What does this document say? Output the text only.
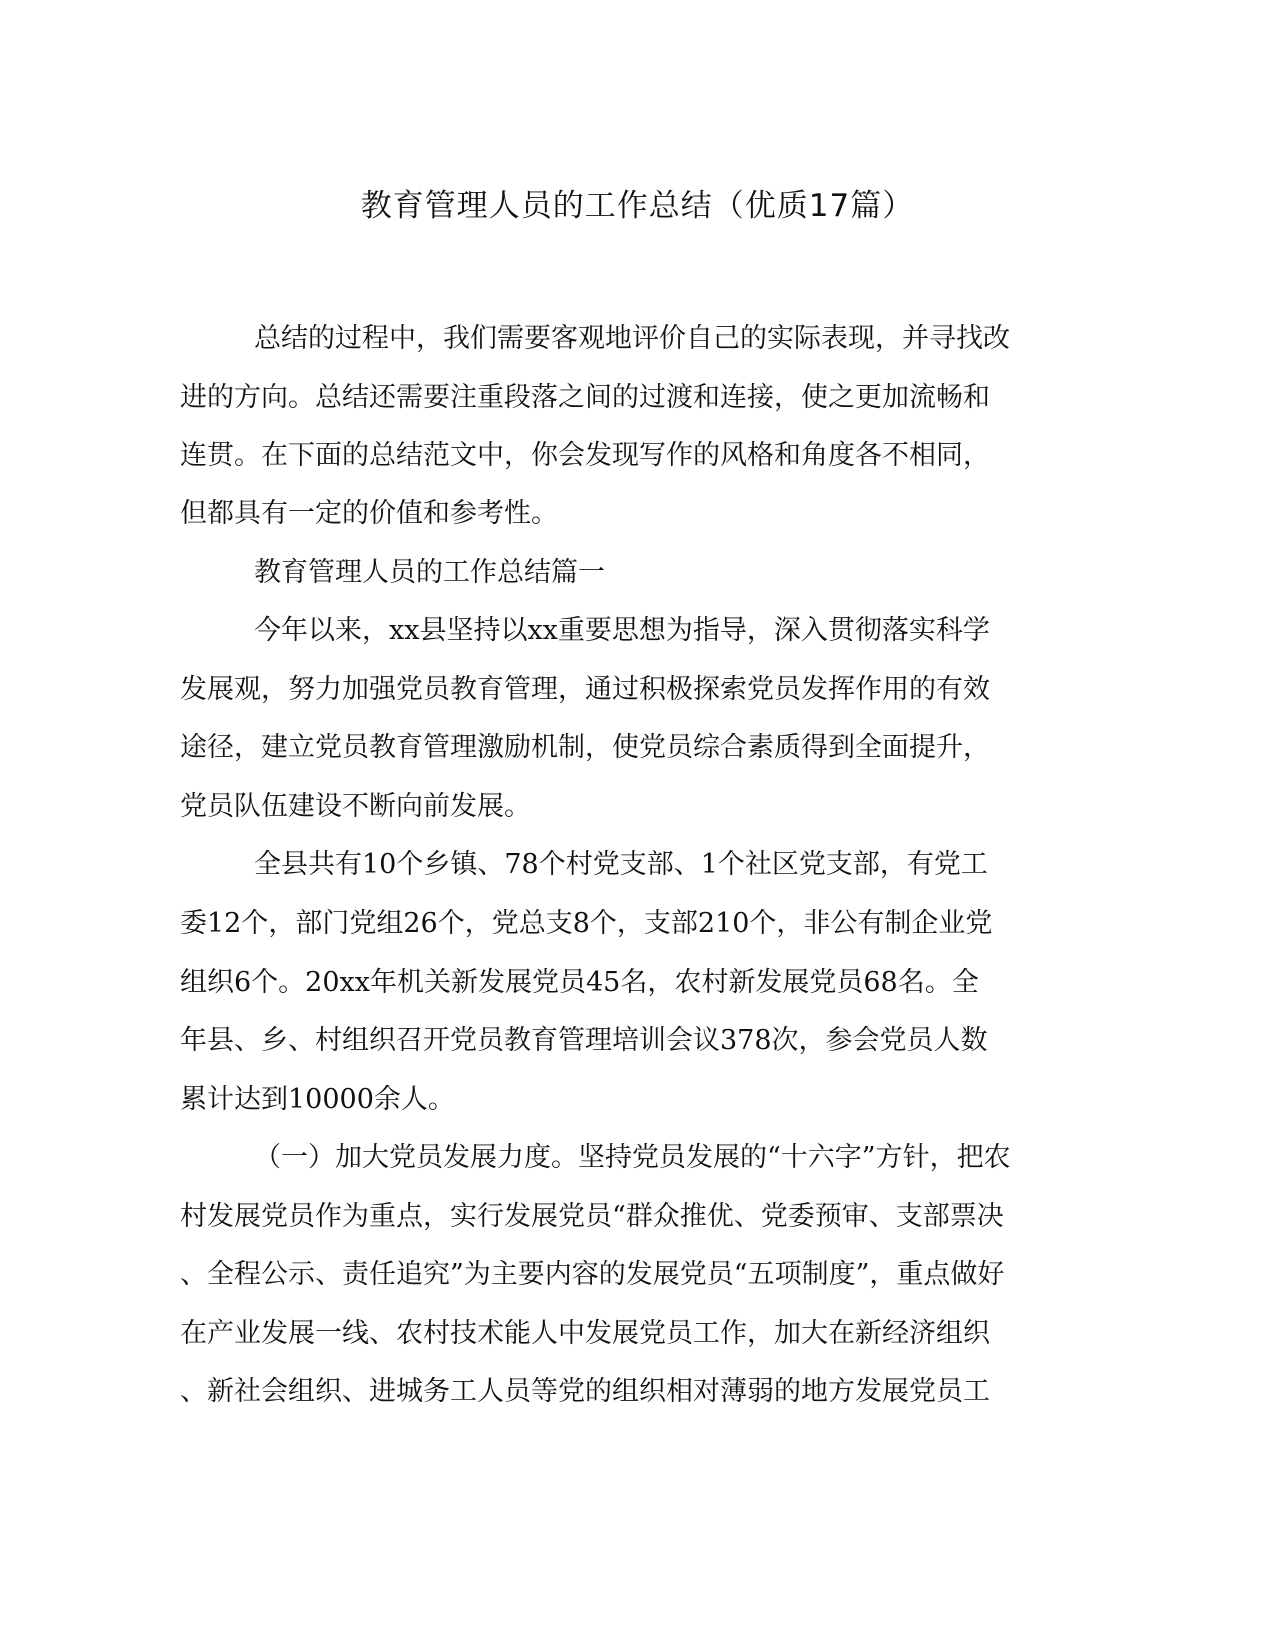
教育管理人员的工作总结（优质17篇）

总结的过程中，我们需要客观地评价自己的实际表现，并寻找改

进的方向。总结还需要注重段落之间的过渡和连接，使之更加流畅和

连贯。在下面的总结范文中，你会发现写作的风格和角度各不相同，

但都具有一定的价值和参考性。

教育管理人员的工作总结篇一

今年以来，xx县坚持以xx重要思想为指导，深入贯彻落实科学

发展观，努力加强党员教育管理，通过积极探索党员发挥作用的有效

途径，建立党员教育管理激励机制，使党员综合素质得到全面提升，

党员队伍建设不断向前发展。

全县共有10个乡镇、78个村党支部、1个社区党支部，有党工

委12个，部门党组26个，党总支8个，支部210个，非公有制企业党

组织6个。20xx年机关新发展党员45名，农村新发展党员68名。全

年县、乡、村组织召开党员教育管理培训会议378次，参会党员人数

累计达到10000余人。

（一）加大党员发展力度。坚持党员发展的“十六字”方针，把农

村发展党员作为重点，实行发展党员“群众推优、党委预审、支部票决

、全程公示、责任追究”为主要内容的发展党员“五项制度”，重点做好

在产业发展一线、农村技术能人中发展党员工作，加大在新经济组织

、新社会组织、进城务工人员等党的组织相对薄弱的地方发展党员工
